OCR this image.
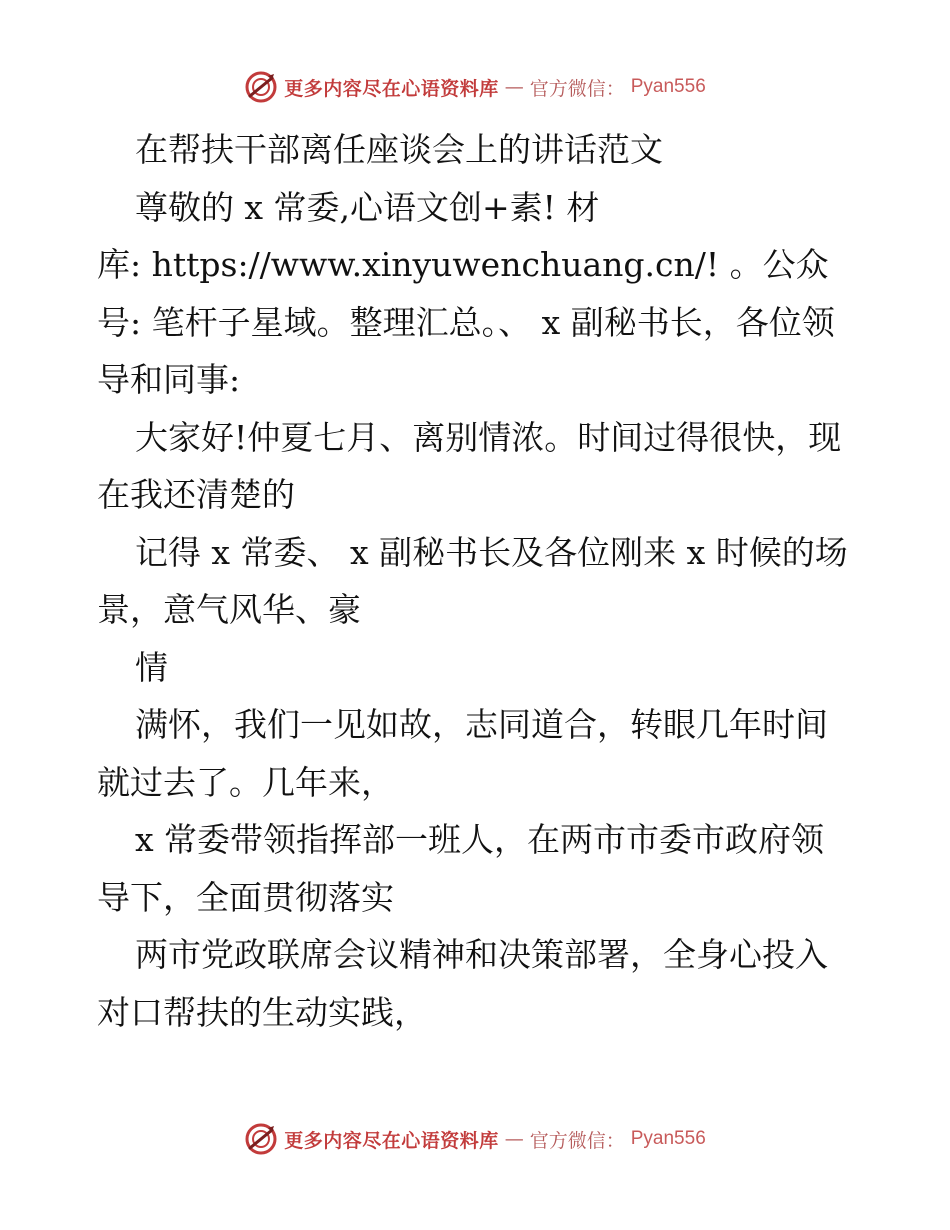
更多内容尽在心语资料库 — 官方微信： Pyan556

在帮扶干部离任座谈会上的讲话范文

尊敬的 x 常委,心语文创+素! 材

库: https://www.xinyuwenchuang.cn/! 。公众号: 笔杆子星域。整理汇总。、 x 副秘书长，各位领导和同事:

大家好!仲夏七月、离别情浓。时间过得很快，现在我还清楚的

记得 x 常委、 x 副秘书长及各位刚来 x 时候的场景，意气风华、豪

情

满怀，我们一见如故，志同道合，转眼几年时间就过去了。几年来，

x 常委带领指挥部一班人，在两市市委市政府领导下，全面贯彻落实

两市党政联席会议精神和决策部署，全身心投入对口帮扶的生动实践，

更多内容尽在心语资料库 — 官方微信： Pyan556
